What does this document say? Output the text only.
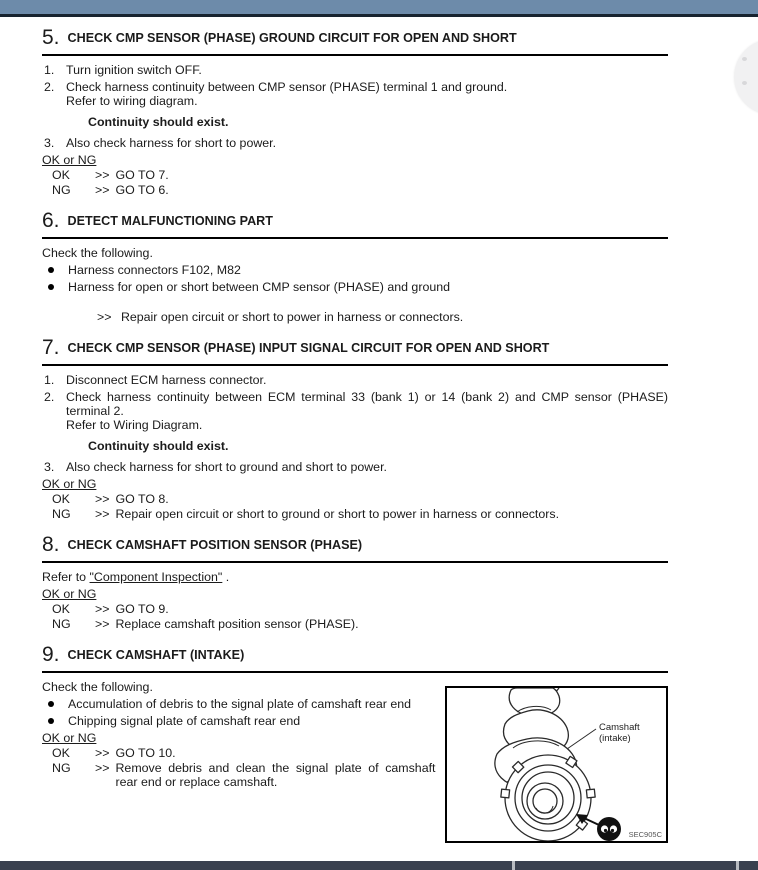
5. CHECK CMP SENSOR (PHASE) GROUND CIRCUIT FOR OPEN AND SHORT
1. Turn ignition switch OFF.
2. Check harness continuity between CMP sensor (PHASE) terminal 1 and ground.
Refer to wiring diagram.
Continuity should exist.
3. Also check harness for short to power.
OK or NG
OK	>> GO TO 7.
NG	>> GO TO 6.
6. DETECT MALFUNCTIONING PART
Check the following.
Harness connectors F102, M82
Harness for open or short between CMP sensor (PHASE) and ground
>> Repair open circuit or short to power in harness or connectors.
7. CHECK CMP SENSOR (PHASE) INPUT SIGNAL CIRCUIT FOR OPEN AND SHORT
1. Disconnect ECM harness connector.
2. Check harness continuity between ECM terminal 33 (bank 1) or 14 (bank 2) and CMP sensor (PHASE) terminal 2.
Refer to Wiring Diagram.
Continuity should exist.
3. Also check harness for short to ground and short to power.
OK or NG
OK	>> GO TO 8.
NG	>> Repair open circuit or short to ground or short to power in harness or connectors.
8. CHECK CAMSHAFT POSITION SENSOR (PHASE)
Refer to "Component Inspection" .
OK or NG
OK	>> GO TO 9.
NG	>> Replace camshaft position sensor (PHASE).
9. CHECK CAMSHAFT (INTAKE)
Check the following.
Accumulation of debris to the signal plate of camshaft rear end
Chipping signal plate of camshaft rear end
OK or NG
OK	>> GO TO 10.
NG	>> Remove debris and clean the signal plate of camshaft rear end or replace camshaft.
Camshaft
(intake)
SEC905C
